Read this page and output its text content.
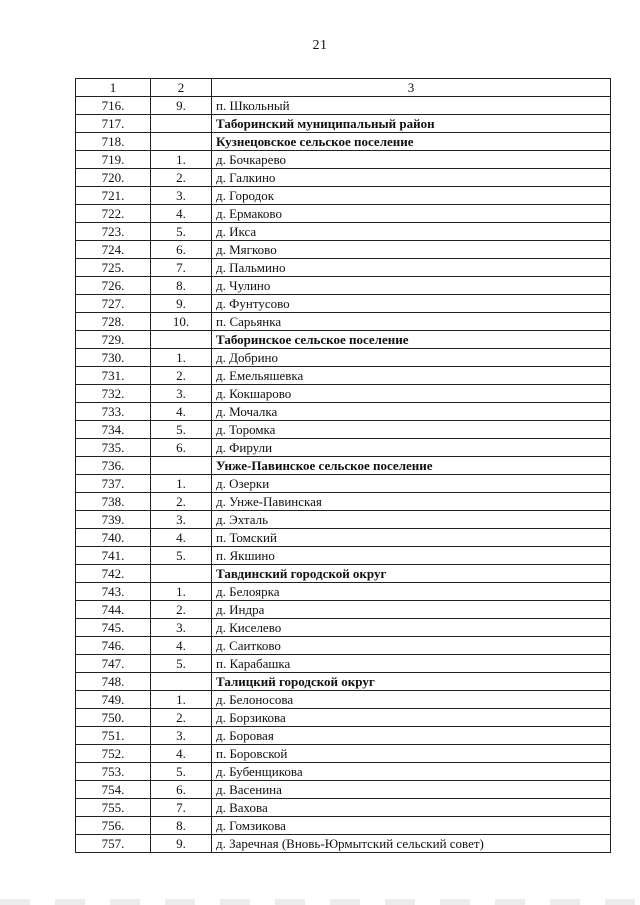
21
1	2	3
716.	9.	п. Школьный
717.		Таборинский муниципальный район
718.		Кузнецовское сельское поселение
719.	1.	д. Бочкарево
720.	2.	д. Галкино
721.	3.	д. Городок
722.	4.	д. Ермаково
723.	5.	д. Икса
724.	6.	д. Мягково
725.	7.	д. Пальмино
726.	8.	д. Чулино
727.	9.	д. Фунтусово
728.	10.	п. Сарьянка
729.		Таборинское сельское поселение
730.	1.	д. Добрино
731.	2.	д. Емельяшевка
732.	3.	д. Кокшарово
733.	4.	д. Мочалка
734.	5.	д. Торомка
735.	6.	д. Фирули
736.		Унже-Павинское сельское поселение
737.	1.	д. Озерки
738.	2.	д. Унже-Павинская
739.	3.	д. Эхталь
740.	4.	п. Томский
741.	5.	п. Якшино
742.		Тавдинский городской округ
743.	1.	д. Белоярка
744.	2.	д. Индра
745.	3.	д. Киселево
746.	4.	д. Саитково
747.	5.	п. Карабашка
748.		Талицкий городской округ
749.	1.	д. Белоносова
750.	2.	д. Борзикова
751.	3.	д. Боровая
752.	4.	п. Боровской
753.	5.	д. Бубенщикова
754.	6.	д. Васенина
755.	7.	д. Вахова
756.	8.	д. Гомзикова
757.	9.	д. Заречная (Вновь-Юрмытский сельский совет)
